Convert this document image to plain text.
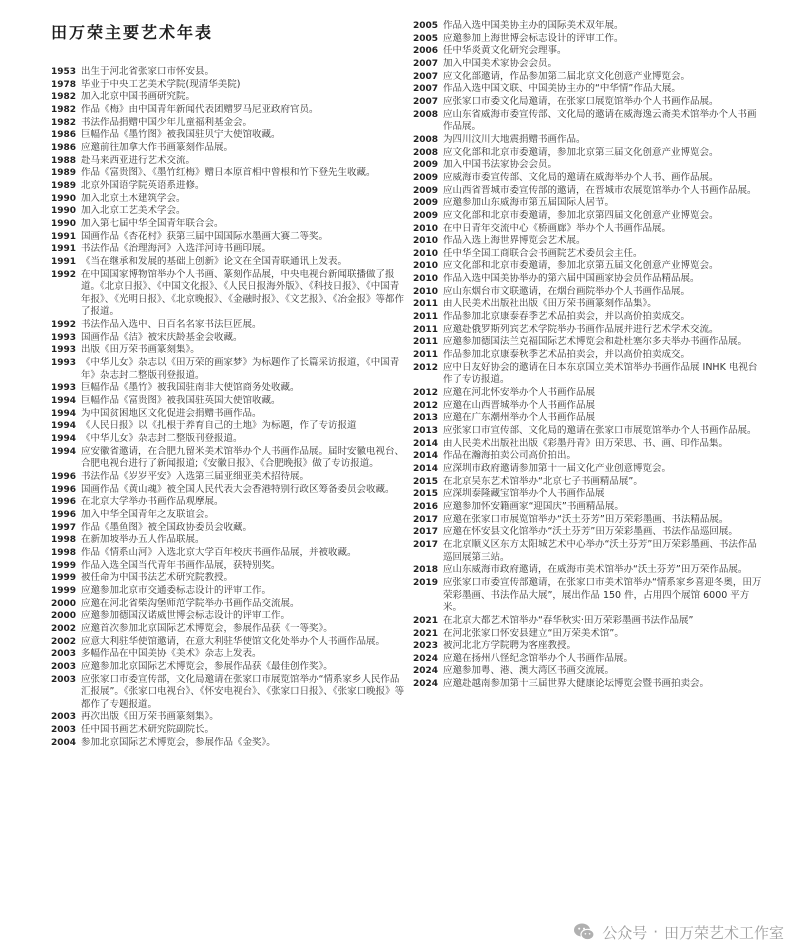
田万荣主要艺术年表
1953 出生于河北省张家口市怀安县。
1978 毕业于中央工艺美术学院(现清华美院)
1982 加入北京中国书画研究院。
1982 作品《梅》由中国青年新闻代表团赠罗马尼亚政府官员。
1982 书法作品捐赠中国少年儿童福利基金会。
1986 巨幅作品《墨竹图》被我国驻贝宁大使馆收藏。
1986 应邀前往加拿大作书画篆刻作品展。
1988 赴马来西亚进行艺术交流。
1989 作品《富贵图》、《墨竹红梅》赠日本原首相中曾根和竹下登先生收藏。
1989 北京外国语学院英语系进修。
1990 加入北京土木建筑学会。
1990 加入北京工艺美术学会。
1990 加入第七届中华全国青年联合会。
1991 国画作品《杏花村》获第三届中国国际水墨画大赛二等奖。
1991 书法作品《治理海河》入选洋河诗书画印展。
1991 《当在继承和发展的基础上创新》论文在全国青联通讯上发表。
1992 在中国国家博物馆举办个人书画、篆刻作品展，中央电视台新闻联播做了报道。《北京日报》、《中国文化报》、《人民日报海外版》、《科技日报》、《中国青年报》、《光明日报》、《北京晚报》、《金融时报》、《文艺报》、《冶金报》等都作了报道。
1992 书法作品入选中、日百名名家书法巨匠展。
1993 国画作品《洁》被宋庆龄基金会收藏。
1993 出版《田万荣书画篆刻集》。
1993 《中华儿女》杂志以《田万荣的画家梦》为标题作了长篇采访报道，《中国青年》杂志封二整版刊登报道。
1993 巨幅作品《墨竹》被我国驻南非大使馆商务处收藏。
1994 巨幅作品《富贵图》被我国驻英国大使馆收藏。
1994 为中国贫困地区文化促进会捐赠书画作品。
1994 《人民日报》以《扎根于养育自己的土地》为标题，作了专访报道
1994 《中华儿女》杂志封二整版刊登报道。
1994 应安徽省邀请，在合肥九留米美术馆举办个人书画作品展。届时安徽电视台、合肥电视台进行了新闻报道;《安徽日报》、《合肥晚报》做了专访报道。
1996 书法作品《岁岁平安》入选第三届亚细亚美术招待展。
1996 国画作品《黄山魂》被全国人民代表大会香港特别行政区筹备委员会收藏。
1996 在北京大学举办书画作品观摩展。
1996 加入中华全国青年之友联谊会。
1997 作品《墨鱼图》被全国政协委员会收藏。
1998 在新加坡举办五人作品联展。
1998 作品《情系山河》入选北京大学百年校庆书画作品展，并被收藏。
1999 作品入选全国当代青年书画作品展，获特别奖。
1999 被任命为中国书法艺术研究院教授。
1999 应邀参加北京市交通委标志设计的评审工作。
2000 应邀在河北省柴沟堡师范学院举办书画作品交流展。
2000 应邀参加德国汉诺威世博会标志设计的评审工作。
2002 应邀首次参加北京国际艺术博览会，参展作品获《一等奖》。
2002 应意大利驻华使馆邀请，在意大利驻华使馆文化处举办个人书画作品展。
2003 多幅作品在中国美协《美术》杂志上发表。
2003 应邀参加北京国际艺术博览会，参展作品获《最佳创作奖》。
2003 应张家口市委宣传部，文化局邀请在张家口市展览馆举办“情系家乡人民作品汇报展”。《张家口电视台》、《怀安电视台》、《张家口日报》、《张家口晚报》等都作了专题报道。
2003 再次出版《田万荣书画篆刻集》。
2003 任中国书画艺术研究院副院长。
2004 参加北京国际艺术博览会，参展作品《金奖》。
2005 作品入选中国美协主办的国际美术双年展。
2005 应邀参加上海世博会标志设计的评审工作。
2006 任中华炎黄文化研究会理事。
2007 加入中国美术家协会会员。
2007 应文化部邀请，作品参加第二届北京文化创意产业博览会。
2007 作品入选中国文联、中国美协主办的“中华情”作品大展。
2007 应张家口市委文化局邀请，在张家口展览馆举办个人书画作品展。
2008 应山东省威海市委宣传部、文化局的邀请在威海逸云斋美术馆举办个人书画作品展。
2008 为四川汶川大地震捐赠书画作品。
2008 应文化部和北京市委邀请，参加北京第三届文化创意产业博览会。
2009 加入中国书法家协会会员。
2009 应威海市委宣传部、文化局的邀请在威海举办个人书、画作品展。
2009 应山西省晋城市委宣传部的邀请，在晋城市农展览馆举办个人书画作品展。
2009 应邀参加山东威海市第五届国际人居节。
2009 应文化部和北京市委邀请，参加北京第四届文化创意产业博览会。
2010 在中日青年交流中心《桥画廊》举办个人书画作品展。
2010 作品入选上海世界博览会艺术展。
2010 任中华全国工商联合会书画院艺术委员会主任。
2010 应文化部和北京市委邀请，参加北京第五届文化创意产业博览会。
2010 作品入选中国美协举办的第六届中国画家协会员作品精品展。
2010 应山东烟台市文联邀请，在烟台画院举办个人书画作品展。
2011 由人民美术出版社出版《田万荣书画篆刻作品集》。
2011 作品参加北京康泰春季艺术品拍卖会，并以高价拍卖成交。
2011 应邀赴俄罗斯列宾艺术学院举办书画作品展并进行艺术学术交流。
2011 应邀参加德国法兰克福国际艺术博览会和赴杜塞尔多夫举办书画作品展。
2011 作品参加北京康泰秋季艺术品拍卖会，并以高价拍卖成交。
2012 应中日友好协会的邀请在日本东京国立美术馆举办书画作品展 INHK 电视台作了专访报道。
2012 应邀在河北怀安举办个人书画作品展
2012 应邀在山西晋城举办个人书画作品展
2013 应邀在广东潮州举办个人书画作品展
2013 应张家口市宣传部、文化局的邀请在张家口市展览馆举办个人书画作品展。
2014 由人民美术出版社出版《彩墨丹青》田万荣思、书、画、印作品集。
2014 作品在瀚海拍卖公司高价拍出。
2014 应深圳市政府邀请参加第十一届文化产业创意博览会。
2015 在北京吴东艺术馆举办“北京七子书画精品展”。
2015 应深圳泰隆藏宝馆举办个人书画作品展
2016 应邀参加怀安籍画家“迎国庆”书画精品展。
2017 应邀在张家口市展览馆举办“沃土芬芳”田万荣彩墨画、书法精品展。
2017 应邀在怀安县文化馆举办“沃土芬芳”田万荣彩墨画、书法作品巡回展。
2017 在北京顺义区东方太阳城艺术中心举办“沃土芬芳”田万荣彩墨画、书法作品巡回展第三站。
2018 应山东威海市政府邀请，在威海市美术馆举办“沃土芬芳”田万荣作品展。
2019 应张家口市委宣传部邀请，在张家口市美术馆举办“情系家乡喜迎冬奥，田万荣彩墨画、书法作品大展”，展出作品 150 件，占用四个展馆 6000 平方米。
2021 在北京大都艺术馆举办“春华秋实·田万荣彩墨画书法作品展”
2021 在河北张家口怀安县建立“田万荣美术馆”。
2023 被河北北方学院聘为客座教授。
2024 应邀在扬州八怪纪念馆举办个人书画作品展。
2024 应邀参加粤、港、澳大湾区书画交流展。
2024 应邀赴越南参加第十三届世界大健康论坛博览会暨书画拍卖会。
公众号 · 田万荣艺术工作室
